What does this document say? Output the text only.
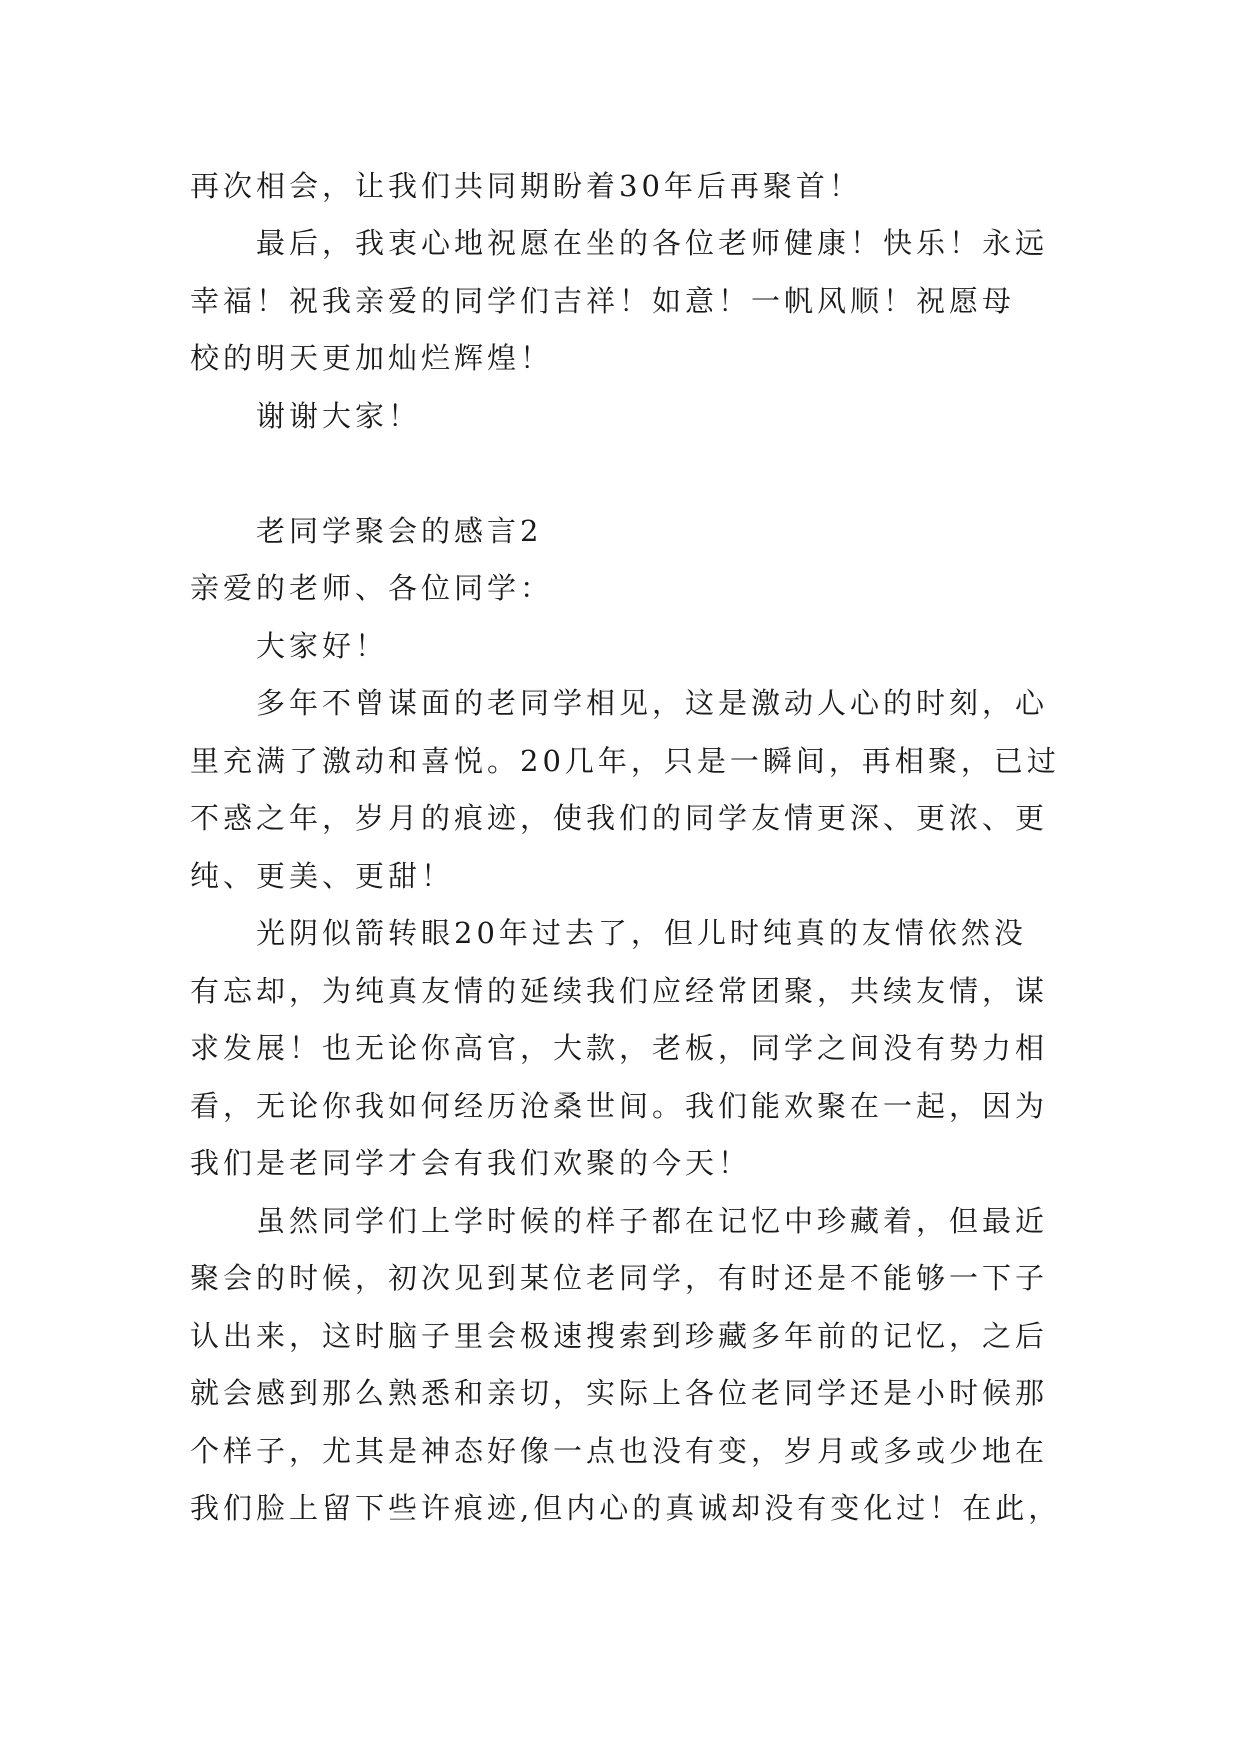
再次相会，让我们共同期盼着30年后再聚首！
最后，我衷心地祝愿在坐的各位老师健康！快乐！永远
幸福！祝我亲爱的同学们吉祥！如意！一帆风顺！祝愿母
校的明天更加灿烂辉煌！
谢谢大家！
老同学聚会的感言2
亲爱的老师、各位同学：
大家好！
多年不曾谋面的老同学相见，这是激动人心的时刻，心
里充满了激动和喜悦。20几年，只是一瞬间，再相聚，已过
不惑之年，岁月的痕迹，使我们的同学友情更深、更浓、更
纯、更美、更甜！
光阴似箭转眼20年过去了，但儿时纯真的友情依然没
有忘却，为纯真友情的延续我们应经常团聚，共续友情，谋
求发展！也无论你高官，大款，老板，同学之间没有势力相
看，无论你我如何经历沧桑世间。我们能欢聚在一起，因为
我们是老同学才会有我们欢聚的今天！
虽然同学们上学时候的样子都在记忆中珍藏着，但最近
聚会的时候，初次见到某位老同学，有时还是不能够一下子
认出来，这时脑子里会极速搜索到珍藏多年前的记忆，之后
就会感到那么熟悉和亲切，实际上各位老同学还是小时候那
个样子，尤其是神态好像一点也没有变，岁月或多或少地在
我们脸上留下些许痕迹,但内心的真诚却没有变化过！在此，
